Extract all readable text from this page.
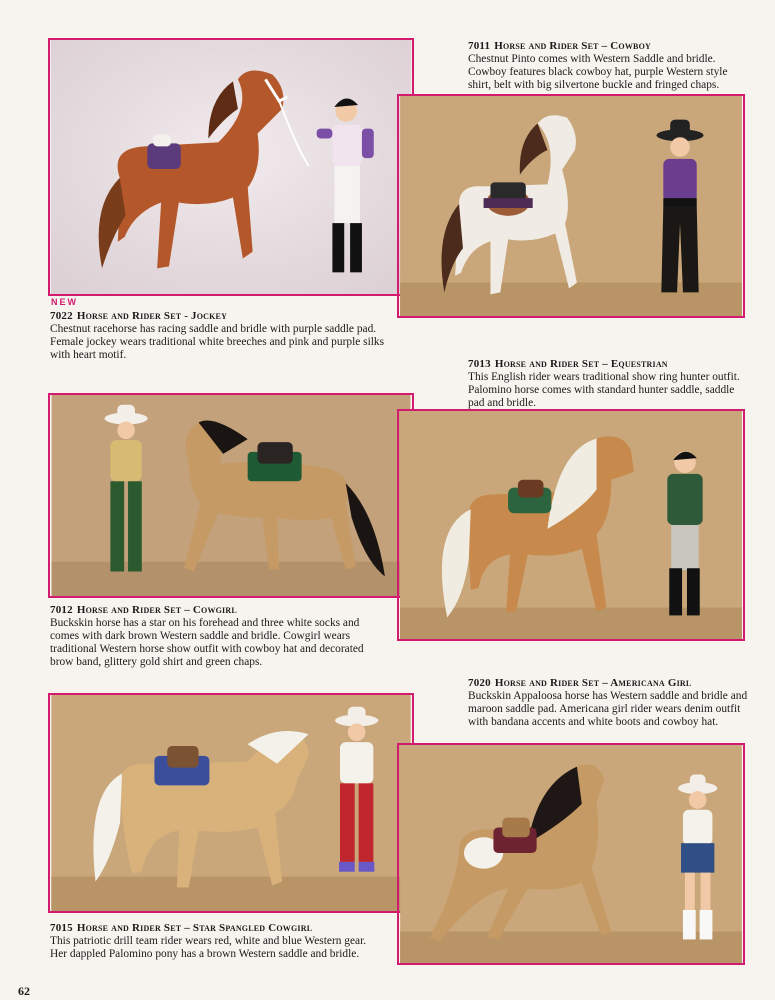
7011 Horse and Rider Set – Cowboy
Chestnut Pinto comes with Western Saddle and bridle. Cowboy features black cowboy hat, purple Western style shirt, belt with big silvertone buckle and fringed chaps.
NEW
7022 Horse and Rider Set - Jockey
Chestnut racehorse has racing saddle and bridle with purple saddle pad. Female jockey wears traditional white breeches and pink and purple silks with heart motif.
7013 Horse and Rider Set – Equestrian
This English rider wears traditional show ring hunter outfit. Palomino horse comes with standard hunter saddle, saddle pad and bridle.
7012 Horse and Rider Set – Cowgirl
Buckskin horse has a star on his forehead and three white socks and comes with dark brown Western saddle and bridle. Cowgirl wears traditional Western horse show outfit with cowboy hat and decorated brow band, glittery gold shirt and green chaps.
7020 Horse and Rider Set – Americana Girl
Buckskin Appaloosa horse has Western saddle and bridle and maroon saddle pad. Americana girl rider wears denim outfit with bandana accents and white boots and cowboy hat.
7015 Horse and Rider Set – Star Spangled Cowgirl
This patriotic drill team rider wears red, white and blue Western gear. Her dappled Palomino pony has a brown Western saddle and bridle.
62
